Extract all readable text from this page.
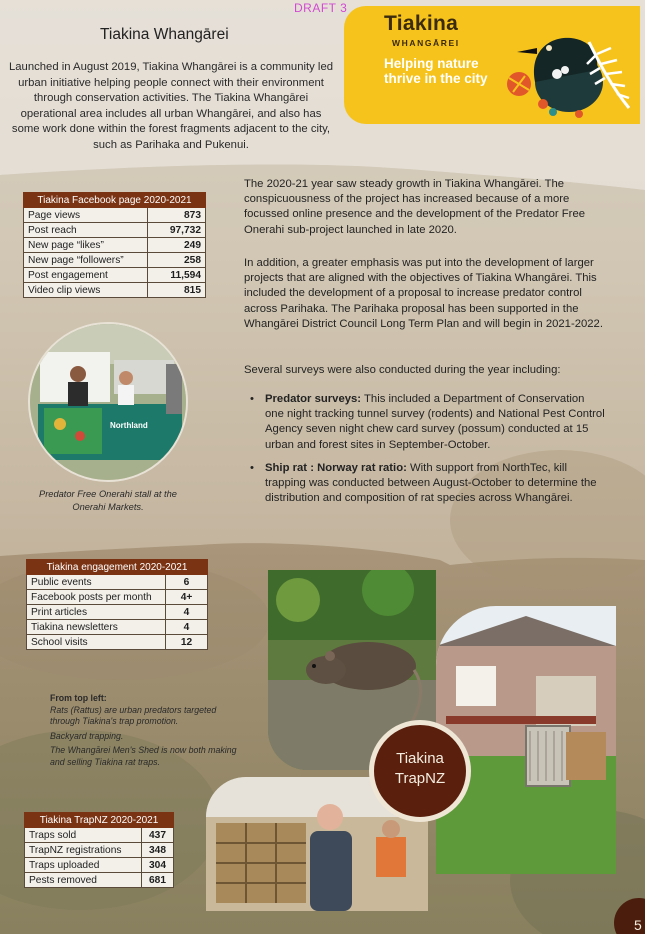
DRAFT 3
Tiakina Whangārei

Launched in August 2019, Tiakina Whangārei is a community led urban initiative helping people connect with their environment through conservation activities. The Tiakina Whangārei operational area includes all urban Whangārei, and also has some work done within the forest fragments adjacent to the city, such as Parihaka and Pukenui.

Tiakina
WHANGĀREI
Helping nature thrive in the city
Tiakina Facebook page 2020-2021	
Page views	873
Post reach	97,732
New page “likes”	249
New page “followers”	258
Post engagement	11,594
Video clip views	815

The 2020-21 year saw steady growth in Tiakina Whangārei. The conspicuousness of the project has increased because of a more focussed online presence and the development of the Predator Free Onerahi sub-project launched in late 2020.

In addition, a greater emphasis was put into the development of larger projects that are aligned with the objectives of Tiakina Whangārei. This included the development of a proposal to increase predator control across Parihaka. The Parihaka proposal has been supported in the Whangārei District Council Long Term Plan and will begin in 2021-2022.

Several surveys were also conducted during the year including:

• Predator surveys: This included a Department of Conservation one night tracking tunnel survey (rodents) and National Pest Control Agency seven night chew card survey (possum) conducted at 15 urban and forest sites in September-October.
• Ship rat : Norway rat ratio: With support from NorthTec, kill trapping was conducted between August-October to determine the distribution and composition of rat species across Whangārei.
Northland

Predator Free Onerahi stall at the Onerahi Markets.

Tiakina engagement 2020-2021	
Public events	6
Facebook posts per month	4+
Print articles	4
Tiakina newsletters	4
School visits	12
From top left:
Rats (Rattus) are urban predators targeted through Tiakina's trap promotion.
Backyard trapping.
The Whangārei Men's Shed is now both making and selling Tiakina rat traps.	Tiakina
TrapNZ
Tiakina TrapNZ 2020-2021	
Traps sold	437
TrapNZ registrations	348
Traps uploaded	304
Pests removed	681
5
